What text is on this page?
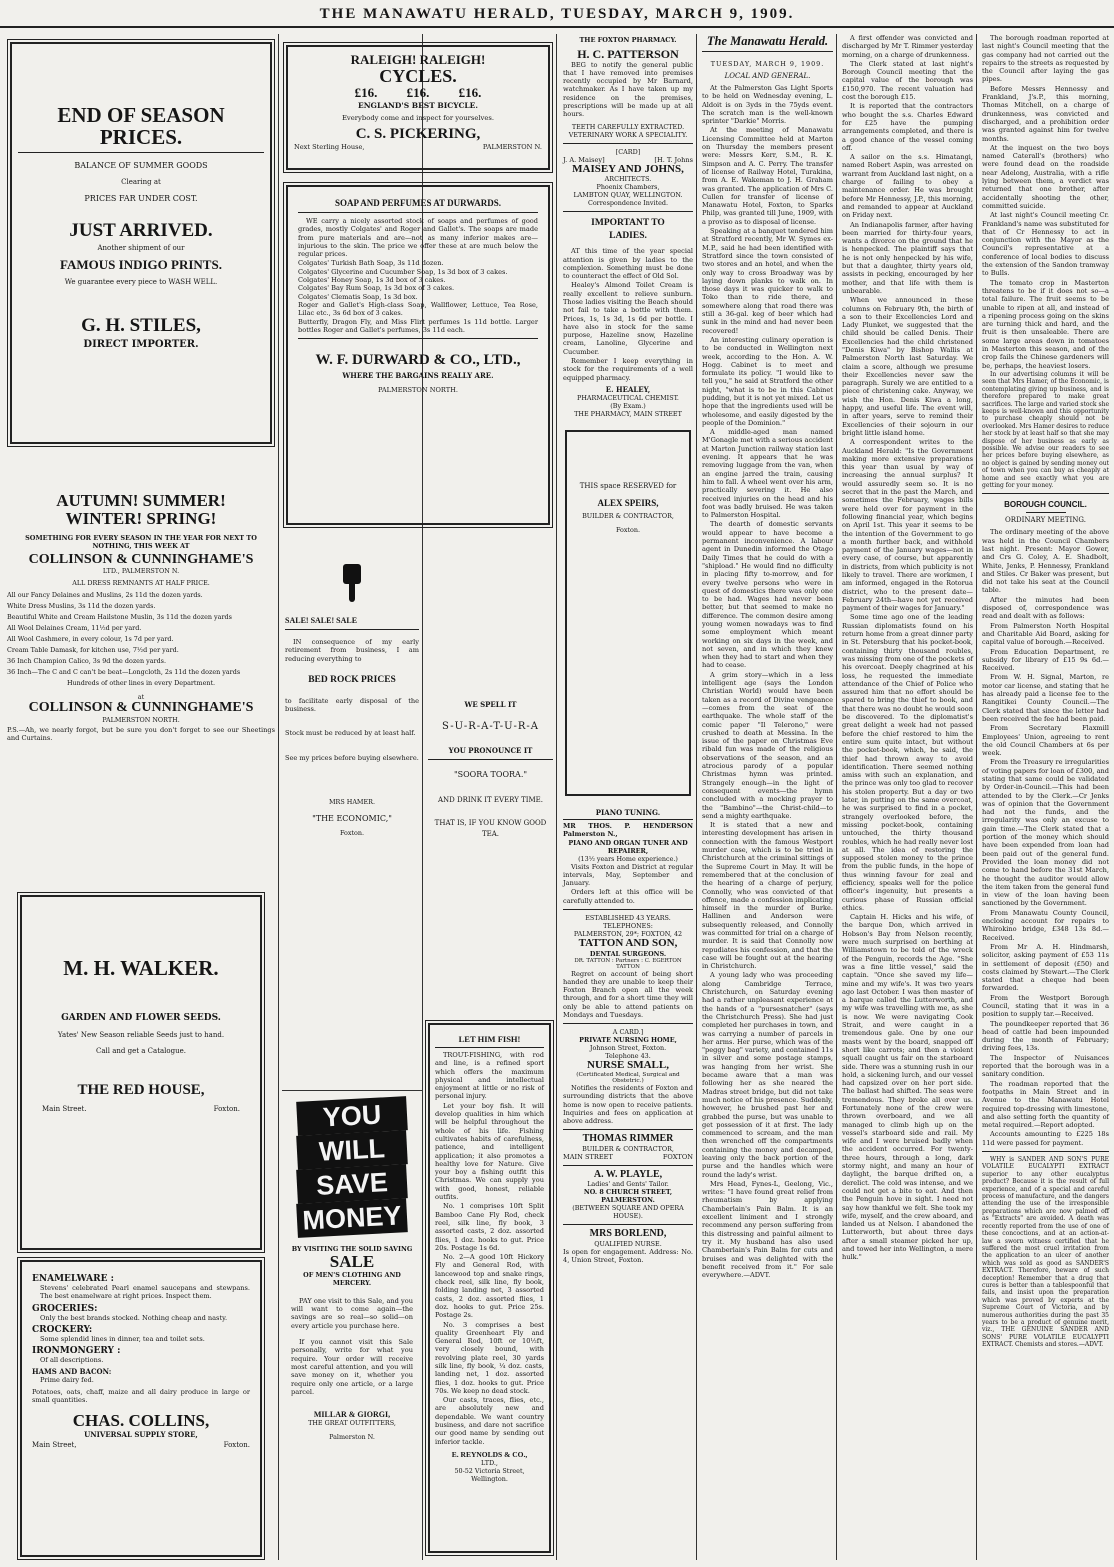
THE MANAWATU HERALD, TUESDAY, MARCH 9, 1909.
END OF SEASON PRICES.
BALANCE OF SUMMER GOODS
Clearing at
PRICES FAR UNDER COST.
JUST ARRIVED.
Another shipment of our
FAMOUS INDIGO PRINTS.
We guarantee every piece to WASH WELL.
G. H. STILES,
DIRECT IMPORTER.
AUTUMN! SUMMER!
WINTER! SPRING!
SOMETHING FOR EVERY SEASON IN THE YEAR FOR NEXT TO NOTHING, THIS WEEK AT
COLLINSON & CUNNINGHAME'S
LTD., PALMERSTON N.
ALL DRESS REMNANTS AT HALF PRICE.
All our Fancy Delaines and Muslins, 2s 11d the dozen yards.
White Dress Muslins, 3s 11d the dozen yards.
Beautiful White and Cream Hailstone Muslin, 3s 11d the dozen yards
All Wool Delaines Cream, 11½d per yard.
All Wool Cashmere, in every colour, 1s 7d per yard.
Cream Table Damask, for kitchen use, 7½d per yard.
36 Inch Champion Calico, 3s 9d the dozen yards.
36 Inch—The C and C can't be beat—Longcloth, 2s 11d the dozen yards
Hundreds of other lines in every Department.
at
COLLINSON & CUNNINGHAME'S
PALMERSTON NORTH.
P.S.—Ah, we nearly forgot, but be sure you don't forget to see our Sheetings and Curtains.
M. H. WALKER.
GARDEN AND FLOWER SEEDS.
Yates' New Season reliable Seeds just to hand.
Call and get a Catalogue.
THE RED HOUSE,
Main Street.	Foxton.
ENAMELWARE :
Stevens' celebrated Pearl enamel saucepans and stewpans. The best enamelware at right prices. Inspect them.
GROCERIES:
Only the best brands stocked. Nothing cheap and nasty.
CROCKERY:
Some splendid lines in dinner, tea and toilet sets.
IRONMONGERY :
Of all descriptions.
HAMS AND BACON:
Prime dairy fed.
Potatoes, oats, chaff, maize and all dairy produce in large or small quantities.
CHAS. COLLINS,
UNIVERSAL SUPPLY STORE,
Main Street,	Foxton.
RALEIGH! RALEIGH!
CYCLES.
£16. £16. £16.
ENGLAND'S BEST BICYCLE.
Everybody come and inspect for yourselves.
C. S. PICKERING,
Next Sterling House,	PALMERSTON N.
SOAP AND PERFUMES AT DURWARDS.
WE carry a nicely assorted stock of soaps and perfumes of good grades, mostly Colgates' and Roger and Gallet's. The soaps are made from pure materials and are—not as many inferior makes are—injurious to the skin. The price we offer these at are much below the regular prices.
Colgates' Turkish Bath Soap, 3s 11d dozen.
Colgates' Glycerine and Cucumber Soap, 1s 3d box of 3 cakes.
Colgates' Honey Soap, 1s 3d box of 3 cakes.
Colgates' Bay Rum Soap, 1s 3d box of 3 cakes.
Colgates' Clematis Soap, 1s 3d box.
Roger and Gallet's High-class Soap, Wallflower, Lettuce, Tea Rose, Lilac etc., 3s 6d box of 3 cakes.
Butterfly, Dragon Fly, and Miss Flirt perfumes 1s 11d bottle. Larger bottles Roger and Gallet's perfumes, 3s 11d each.
W. F. DURWARD & CO., LTD.,
WHERE THE BARGAINS REALLY ARE.
PALMERSTON NORTH.
SALE! SALE! SALE
IN consequence of my early retirement from business, I am reducing everything to
BED ROCK PRICES
to facilitate early disposal of the business.
Stock must be reduced by at least half.
See my prices before buying elsewhere.
MRS HAMER.
"THE ECONOMIC,"
Foxton.
YOU
WILL
SAVE
MONEY
BY VISITING THE SOLID SAVING
SALE
OF MEN'S CLOTHING AND MERCERY.
PAY one visit to this Sale, and you will want to come again—the savings are so real—so solid—on every article you purchase here.
If you cannot visit this Sale personally, write for what you require. Your order will receive most careful attention, and you will save money on it, whether you require only one article, or a large parcel.
MILLAR & GIORGI,
THE GREAT OUTFITTERS,
Palmerston N.
WE SPELL IT
S-U-R-A-T-U-R-A
YOU PRONOUNCE IT
"SOORA TOORA."
AND DRINK IT EVERY TIME.
THAT IS, IF YOU KNOW GOOD TEA.
LET HIM FISH!
TROUT-FISHING, with rod and line, is a refined sport which offers the maximum physical and intellectual enjoyment at little or no risk of personal injury.
Let your boy fish. It will develop qualities in him which will be helpful throughout the whole of his life. Fishing cultivates habits of carefulness, patience, and intelligent application; it also promotes a healthy love for Nature. Give your boy a fishing outfit this Christmas. We can supply you with good, honest, reliable outfits.
No. 1 comprises 10ft Split Bamboo Cane Fly Rod, check reel, silk line, fly book, 3 assorted casts, 2 doz. assorted flies, 1 doz. hooks to gut. Price 20s. Postage 1s 6d.
No. 2—A good 10ft Hickory Fly and General Rod, with lancewood top and snake rings, check reel, silk line, fly book, folding landing net, 3 assorted casts, 2 doz. assorted flies, 1 doz. hooks to gut. Price 25s. Postage 2s.
No. 3 comprises a best quality Greenheart Fly and General Rod, 10ft or 10½ft, very closely bound, with revolving plate reel, 30 yards silk line, fly book, ¼ doz. casts, landing net, 1 doz. assorted flies, 1 doz. hooks to gut. Price 70s. We keep no dead stock.
Our casts, traces, flies, etc., are absolutely new and dependable. We want country business, and dare not sacrifice our good name by sending out inferior tackle.
E. REYNOLDS & CO.,
LTD.,
50-52 Victoria Street,
Wellington.
THE FOXTON PHARMACY.
H. C. PATTERSON
BEG to notify the general public that I have removed into premises recently occupied by Mr Barnard, watchmaker. As I have taken up my residence on the premises, prescriptions will be made up at all hours.
TEETH CAREFULLY EXTRACTED. VETERINARY WORK A SPECIALITY.
[CARD]
J. A. Maisey]	[H. T. Johns
MAISEY AND JOHNS,
ARCHITECTS.
Phoenix Chambers,
LAMBTON QUAY, WELLINGTON.
Correspondence Invited.
IMPORTANT TO
LADIES.
AT this time of the year special attention is given by ladies to the complexion. Something must be done to counteract the effect of Old Sol.
Healey's Almond Toilet Cream is really excellent to relieve sunburn. Those ladies visiting the Beach should not fail to take a bottle with them. Prices, 1s, 1s 3d, 1s 6d per bottle. I have also in stock for the same purpose, Hazeline snow, Hazeline cream, Lanoline, Glycerine and Cucumber.
Remember I keep everything in stock for the requirements of a well equipped pharmacy.
E. HEALEY,
PHARMACEUTICAL CHEMIST.
(By Exam.)
THE PHARMACY, MAIN STREET
THIS space RESERVED for
ALEX SPEIRS,
BUILDER & CONTRACTOR,
Foxton.
PIANO TUNING.
MR THOS. P. HENDERSON Palmerston N.,
PIANO AND ORGAN TUNER AND REPAIRER,
(13½ years Home experience.)
Visits Foxton and District at regular intervals, May, September and January.
Orders left at this office will be carefully attended to.
ESTABLISHED 43 YEARS.
TELEPHONES:
PALMERSTON, 29*; FOXTON, 42
TATTON AND SON,
DENTAL SURGEONS.
DR. TATTON : Partners : C. EGERTON TATTON
Regret on account of being short handed they are unable to keep their Foxton Branch open all the week through, and for a short time they will only be able to attend patients on Mondays and Tuesdays.
A CARD.]
PRIVATE NURSING HOME,
Johnson Street, Foxton.
Telephone 43.
NURSE SMALL,
(Certificated Medical, Surgical and Obstetric.)
Notifies the residents of Foxton and surrounding districts that the above home is now open to receive patients. Inquiries and fees on application at above address.
THOMAS RIMMER
BUILDER & CONTRACTOR,
MAIN STREET	FOXTON
A. W. PLAYLE,
Ladies' and Gents' Tailor.
NO. 8 CHURCH STREET, PALMERSTON.
(BETWEEN SQUARE AND OPERA HOUSE).
MRS BORLEND,
QUALIFIED NURSE.
Is open for engagement. Address: No. 4, Union Street, Foxton.
The Manawatu Herald.
TUESDAY, MARCH 9, 1909.
LOCAL AND GENERAL.
At the Palmerston Gas Light Sports to be held on Wednesday evening, L. Aldoit is on 3yds in the 75yds event. The scratch man is the well-known sprinter "Darkie" Morris.
At the meeting of Manawatu Licensing Committee held at Marton on Thursday the members present were: Messrs Kerr, S.M., R. K. Simpson and A. C. Perry. The transfer of license of Railway Hotel, Turakina, from A. E. Wakeman to J. H. Graham was granted. The application of Mrs C. Cullen for transfer of license of Manawatu Hotel, Foxton, to Sparks Philp, was granted till June, 1909, with a proviso as to disposal of license.
Speaking at a banquet tendered him at Stratford recently, Mr W. Symes ex-M.P., said he had been identified with Stratford since the town consisted of two stores and an hotel, and when the only way to cross Broadway was by laying down planks to walk on. In those days it was quicker to walk to Toko than to ride there, and somewhere along that road there was still a 36-gal. keg of beer which had sunk in the mind and had never been recovered!
An interesting culinary operation is to be conducted in Wellington next week, according to the Hon. A. W. Hogg. Cabinet is to meet and formulate its policy. "I would like to tell you," he said at Stratford the other night, "what is to be in this Cabinet pudding, but it is not yet mixed. Let us hope that the ingredients used will be wholesome, and easily digested by the people of the Dominion."
A middle-aged man named M'Gonagle met with a serious accident at Marton Junction railway station last evening. It appears that he was removing luggage from the van, when an engine jarred the train, causing him to fall. A wheel went over his arm, practically severing it. He also received injuries on the head and his foot was badly bruised. He was taken to Palmerston Hospital.
The dearth of domestic servants would appear to have become a permanent inconvenience. A labour agent in Dunedin informed the Otago Daily Times that he could do with a "shipload." He would find no difficulty in placing fifty to-morrow, and for every twelve persons who were in quest of domestics there was only one to be had. Wages had never been better, but that seemed to make no difference. The common desire among young women nowadays was to find some employment which meant working on six days in the week, and not seven, and in which they knew when they had to start and when they had to cease.
A grim story—which in a less intelligent age (says the London Christian World) would have been taken as a record of Divine vengeance—comes from the seat of the earthquake. The whole staff of the comic paper "Il Telerono," were crushed to death at Messina. In the issue of the paper on Christmas Eve ribald fun was made of the religious observations of the season, and an atrocious parody of a popular Christmas hymn was printed. Strangely enough—in the light of consequent events—the hymn concluded with a mocking prayer to the "Bambino"—the Christ-child—to send a mighty earthquake.
It is stated that a new and interesting development has arisen in connection with the famous Westport murder case, which is to be tried in Christchurch at the criminal sittings of the Supreme Court in May. It will be remembered that at the conclusion of the hearing of a charge of perjury, Connolly, who was convicted of that offence, made a confession implicating himself in the murder of Burke. Hallinen and Anderson were subsequently released, and Connolly was committed for trial on a charge of murder. It is said that Connolly now repudiates his confession, and that the case will be fought out at the hearing in Christchurch.
A young lady who was proceeding along Cambridge Terrace, Christchurch, on Saturday evening had a rather unpleasant experience at the hands of a "pursesnatcher" (says the Christchurch Press). She had just completed her purchases in town, and was carrying a number of parcels in her arms. Her purse, which was of the "peggy bag" variety, and contained 11s in silver and some postage stamps, was hanging from her wrist. She became aware that a man was following her as she neared the Madras street bridge, but did not take much notice of his presence. Suddenly, however, he brushed past her and grabbed the purse, but was unable to get possession of it at first. The lady commenced to scream, and the man then wrenched off the compartments containing the money and decamped, leaving only the back portion of the purse and the handles which were round the lady's wrist.
Mrs Head, Fynes-L, Geelong, Vic., writes: "I have found great relief from rheumatism by applying Chamberlain's Pain Balm. It is an excellent liniment and I strongly recommend any person suffering from this distressing and painful ailment to try it. My husband has also used Chamberlain's Pain Balm for cuts and bruises and was delighted with the benefit received from it." For sale everywhere.—ADVT.
A first offender was convicted and discharged by Mr T. Rimmer yesterday morning, on a charge of drunkenness.
The Clerk stated at last night's Borough Council meeting that the capital value of the borough was £150,970. The recent valuation had cost the borough £15.
It is reported that the contractors who bought the s.s. Charles Edward for £25 have the pumping arrangements completed, and there is a good chance of the vessel coming off.
A sailor on the s.s. Himatangi, named Robert Aspin, was arrested on warrant from Auckland last night, on a charge of failing to obey a maintenance order. He was brought before Mr Hennessy, J.P., this morning, and remanded to appear at Auckland on Friday next.
An Indianapolis farmer, after having been married for thirty-four years, wants a divorce on the ground that he is henpecked. The plaintiff says that he is not only henpecked by his wife, but that a daughter, thirty years old, assists in pecking, encouraged by her mother, and that life with them is unbearable.
When we announced in these columns on February 9th, the birth of a son to their Excellencies Lord and Lady Plunket, we suggested that the child should be called Denis. Their Excellencies had the child christened "Denis Kiwa" by Bishop Wallis at Palmerston North last Saturday. We claim a score, although we presume their Excellencies never saw the paragraph. Surely we are entitled to a piece of christening cake. Anyway, we wish the Hon. Denis Kiwa a long, happy, and useful life. The event will, in after years, serve to remind their Excellencies of their sojourn in our bright little island home.
A correspondent writes to the Auckland Herald: "Is the Government making more extensive preparations this year than usual by way of increasing the annual surplus? It would assuredly seem so. It is no secret that in the past the March, and sometimes the February, wages bills were held over for payment in the following financial year, which begins on April 1st. This year it seems to be the intention of the Government to go a month further back, and withhold payment of the January wages—not in every case, of course, but apparently in districts, from which publicity is not likely to travel. There are workmen, I am informed, engaged in the Rotorua district, who to the present date—February 24th—have not yet received payment of their wages for January."
Some time ago one of the leading Russian diplomatists found on his return home from a great dinner party in St. Petersburg that his pocket-book, containing thirty thousand roubles, was missing from one of the pockets of his overcoat. Deeply chagrined at his loss, he requested the immediate attendance of the Chief of Police who assured him that no effort should be spared to bring the thief to book, and that there was no doubt he would soon be discovered. To the diplomatist's great delight a week had not passed before the chief restored to him the entire sum quite intact, but without the pocket-book, which, he said, the thief had thrown away to avoid identification. There seemed nothing amiss with such an explanation, and the prince was only too glad to recover his stolen property. But a day or two later, in putting on the same overcoat, he was surprised to find in a pocket, strangely overlooked before, the missing pocket-book, containing untouched, the thirty thousand roubles, which he had really never lost at all. The idea of restoring the supposed stolen money to the prince from the public funds, in the hope of thus winning favour for zeal and efficiency, speaks well for the police officer's ingenuity, but presents a curious phase of Russian official ethics.
Captain H. Hicks and his wife, of the barque Don, which arrived in Hobson's Bay from Nelson recently, were much surprised on berthing at Williamstown to be told of the wreck of the Penguin, records the Age. "She was a fine little vessel," said the captain. "Once she saved my life—mine and my wife's. It was two years ago last October. I was then master of a barque called the Lutterworth, and my wife was travelling with me, as she is now. We were navigating Cook Strait, and were caught in a tremendous gale. One by one our masts went by the board, snapped off short like carrots; and then a violent squall caught us fair on the starboard side. There was a stunning rush in our hold, a sickening lurch, and our vessel had capsized over on her port side. The ballast had shifted. The seas were tremendous. They broke all over us. Fortunately none of the crew were thrown overboard, and we all managed to climb high up on the vessel's starboard side and rail. My wife and I were bruised badly when the accident occurred. For twenty-three hours, through a long, dark stormy night, and many an hour of daylight, the barque drifted on, a derelict. The cold was intense, and we could not get a bite to eat. And then the Penguin hove in sight. I need not say how thankful we felt. She took my wife, myself, and the crew aboard, and landed us at Nelson. I abandoned the Lutterworth, but about three days after a small steamer picked her up, and towed her into Wellington, a mere hulk."
The borough roadman reported at last night's Council meeting that the gas company had not carried out the repairs to the streets as requested by the Council after laying the gas pipes.
Before Messrs Hennessy and Frankland, J's.P., this morning, Thomas Mitchell, on a charge of drunkenness, was convicted and discharged, and a prohibition order was granted against him for twelve months.
At the inquest on the two boys named Caterall's (brothers) who were found dead on the roadside near Adelong, Australia, with a rifle lying between them, a verdict was returned that one brother, after accidentally shooting the other, committed suicide.
At last night's Council meeting Cr. Frankland's name was substituted for that of Cr Hennessy to act in conjunction with the Mayor as the Council's representative at a conference of local bodies to discuss the extension of the Sandon tramway to Bulls.
The tomato crop in Masterton threatens to be if it does not so—a total failure. The fruit seems to be unable to ripen at all, and instead of a ripening process going on the skins are turning thick and hard, and the fruit is then unsaleable. There are some large areas down in tomatoes in Masterton this season, and of the crop fails the Chinese gardeners will be, perhaps, the heaviest losers.
In our advertising columns it will be seen that Mrs Hamer, of the Economic, is contemplating giving up business, and is therefore prepared to make great sacrifices. The large and varied stock she keeps is well-known and this opportunity to purchase cheaply should not be overlooked. Mrs Hamer desires to reduce her stock by at least half so that she may dispose of her business as early as possible. We advise our readers to see her prices before buying elsewhere, as no object is gained by sending money out of town when you can buy as cheaply at home and see exactly what you are getting for your money.
BOROUGH COUNCIL.
ORDINARY MEETING.
The ordinary meeting of the above was held in the Council Chambers last night. Present: Mayor Gower, and Crs G. Coley, A. E. Shadbolt, White, Jenks, P. Hennessy, Frankland and Stiles. Cr Baker was present, but did not take his seat at the Council table.
After the minutes had been disposed of, correspondence was read and dealt with as follows:
From Palmerston North Hospital and Charitable Aid Board, asking for capital value of borough.—Received.
From Education Department, re subsidy for library of £15 9s 6d.—Received.
From W. H. Signal, Marton, re motor car license, and stating that he has already paid a license fee to the Rangitikei County Council.—The Clerk stated that since the letter had been received the fee had been paid.
From Secretary Flaxmill Employees' Union, agreeing to rent the old Council Chambers at 6s per week.
From the Treasury re irregularities of voting papers for loan of £300, and stating that same could be validated by Order-in-Council.—This had been attended to by the Clerk.—Cr Jenks was of opinion that the Government had not the funds, and the irregularity was only an excuse to gain time.—The Clerk stated that a portion of the money which should have been expended from loan had been paid out of the general fund. Provided the loan money did not come to hand before the 31st March, he thought the auditor would allow the item taken from the general fund in view of the loan having been sanctioned by the Government.
From Manawatu County Council, enclosing account for repairs to Whirokino bridge, £348 13s 8d.—Received.
From Mr A. H. Hindmarsh, solicitor, asking payment of £53 11s in settlement of deposit (£50) and costs claimed by Stewart.—The Clerk stated that a cheque had been forwarded.
From the Westport Borough Council, stating that it was in a position to supply tar.—Received.
The poundkeeper reported that 36 head of cattle had been impounded during the month of February; driving fees, 13s.
The Inspector of Nuisances reported that the borough was in a sanitary condition.
The roadman reported that the footpaths in Main Street and in Avenue to the Manawatu Hotel required top-dressing with limestone, and also setting forth the quantity of metal required.—Report adopted.
Accounts amounting to £225 18s 11d were passed for payment.
WHY is SANDER AND SON'S PURE VOLATILE EUCALYPTI EXTRACT superior to any other eucalyptus product? Because it is the result of full experience, and of a special and careful process of manufacture, and the dangers attending the use of the irresponsible preparations which are now palmed off as "Extracts" are avoided. A death was recently reported from the use of one of these concoctions, and at an action-at-law a sworn witness certified that he suffered the most cruel irritation from the application to an ulcer of another which was sold as good as SANDER'S EXTRACT. Therefore, beware of such deception! Remember that a drug that cures is better than a tablespoonful that fails, and insist upon the preparation which was proved by experts at the Supreme Court of Victoria, and by numerous authorities during the past 35 years to be a product of genuine merit, viz., THE GENUINE SANDER AND SONS' PURE VOLATILE EUCALYPTI EXTRACT. Chemists and stores.—ADVT.
